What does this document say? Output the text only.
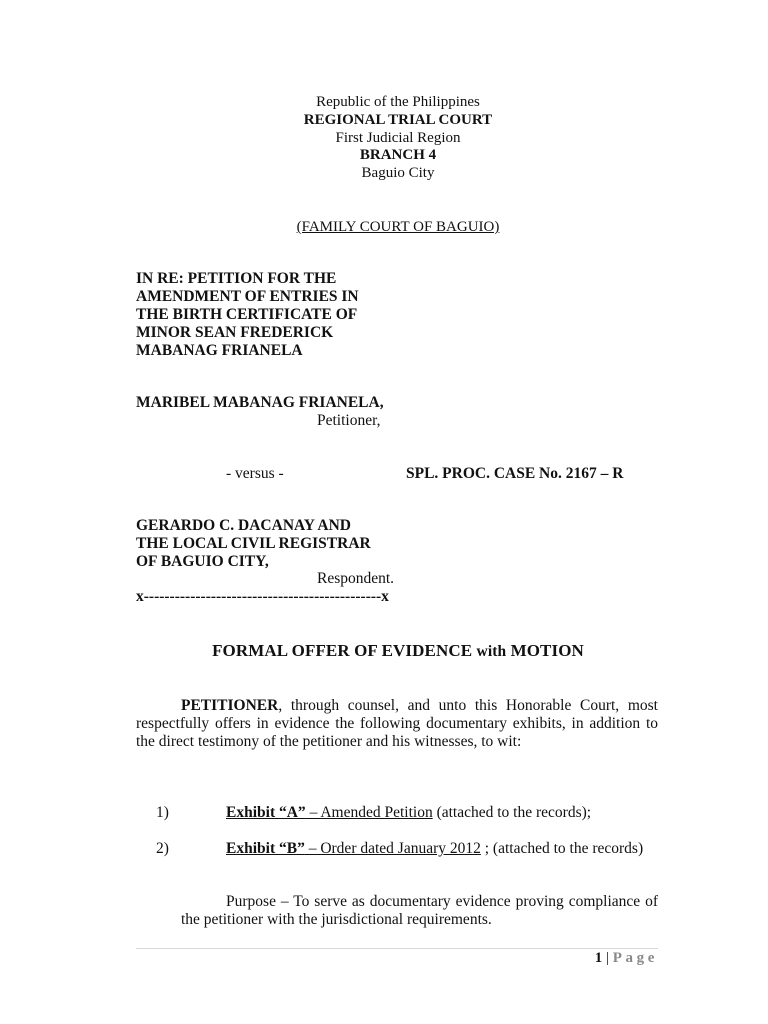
Republic of the Philippines
REGIONAL TRIAL COURT
First Judicial Region
BRANCH 4
Baguio City
(FAMILY COURT OF BAGUIO)
IN RE: PETITION FOR THE
AMENDMENT OF ENTRIES IN
THE BIRTH CERTIFICATE OF
MINOR SEAN FREDERICK
MABANAG FRIANELA
MARIBEL MABANAG FRIANELA,
Petitioner,
- versus -	SPL. PROC. CASE No. 2167 – R
GERARDO C. DACANAY AND
THE LOCAL CIVIL REGISTRAR
OF BAGUIO CITY,
Respondent.
x----------------------------------------------x
FORMAL OFFER OF EVIDENCE with MOTION
PETITIONER, through counsel, and unto this Honorable Court, most respectfully offers in evidence the following documentary exhibits, in addition to the direct testimony of the petitioner and his witnesses, to wit:
1)	Exhibit “A” – Amended Petition (attached to the records);
2)	Exhibit “B” – Order dated January 2012 ; (attached to the records)
Purpose – To serve as documentary evidence proving compliance of the petitioner with the jurisdictional requirements.
1 | Page
